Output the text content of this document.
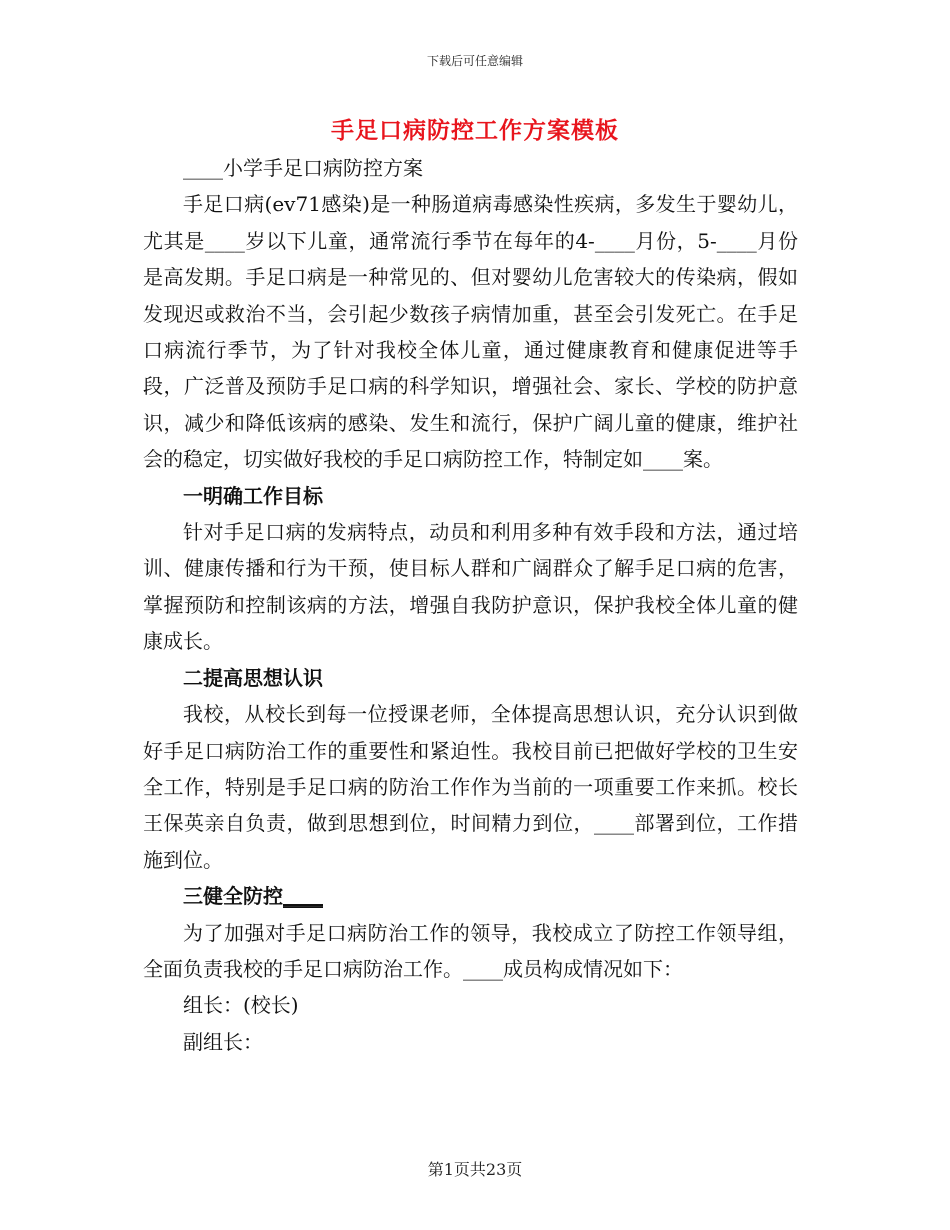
下载后可任意编辑
手足口病防控工作方案模板

____小学手足口病防控方案

手足口病(ev71感染)是一种肠道病毒感染性疾病，多发生于婴幼儿，尤其是____岁以下儿童，通常流行季节在每年的4-____月份，5-____月份是高发期。手足口病是一种常见的、但对婴幼儿危害较大的传染病，假如发现迟或救治不当，会引起少数孩子病情加重，甚至会引发死亡。在手足口病流行季节，为了针对我校全体儿童，通过健康教育和健康促进等手段，广泛普及预防手足口病的科学知识，增强社会、家长、学校的防护意识，减少和降低该病的感染、发生和流行，保护广阔儿童的健康，维护社会的稳定，切实做好我校的手足口病防控工作，特制定如____案。

一明确工作目标

针对手足口病的发病特点，动员和利用多种有效手段和方法，通过培训、健康传播和行为干预，使目标人群和广阔群众了解手足口病的危害，掌握预防和控制该病的方法，增强自我防护意识，保护我校全体儿童的健康成长。

二提高思想认识

我校，从校长到每一位授课老师，全体提高思想认识，充分认识到做好手足口病防治工作的重要性和紧迫性。我校目前已把做好学校的卫生安全工作，特别是手足口病的防治工作作为当前的一项重要工作来抓。校长王保英亲自负责，做到思想到位，时间精力到位，____部署到位，工作措施到位。

三健全防控____

为了加强对手足口病防治工作的领导，我校成立了防控工作领导组，全面负责我校的手足口病防治工作。____成员构成情况如下：

组长：(校长)

副组长：

第1页共23页
